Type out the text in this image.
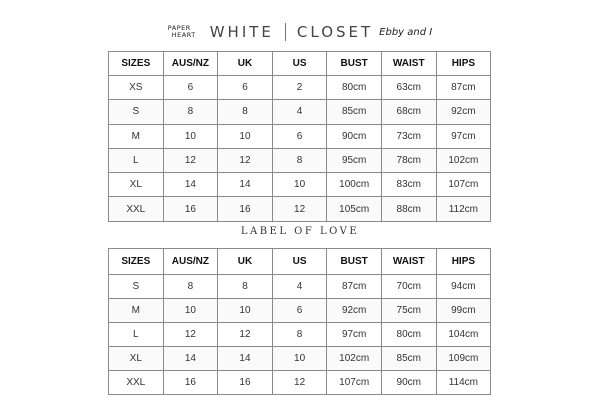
PAPER
HEART WHITE CLOSET Ebby and I
SIZES	AUS/NZ	UK	US	BUST	WAIST	HIPS
XS	6	6	2	80cm	63cm	87cm
S	8	8	4	85cm	68cm	92cm
M	10	10	6	90cm	73cm	97cm
L	12	12	8	95cm	78cm	102cm
XL	14	14	10	100cm	83cm	107cm
XXL	16	16	12	105cm	88cm	112cm
LABEL OF LOVE
SIZES	AUS/NZ	UK	US	BUST	WAIST	HIPS
S	8	8	4	87cm	70cm	94cm
M	10	10	6	92cm	75cm	99cm
L	12	12	8	97cm	80cm	104cm
XL	14	14	10	102cm	85cm	109cm
XXL	16	16	12	107cm	90cm	114cm
